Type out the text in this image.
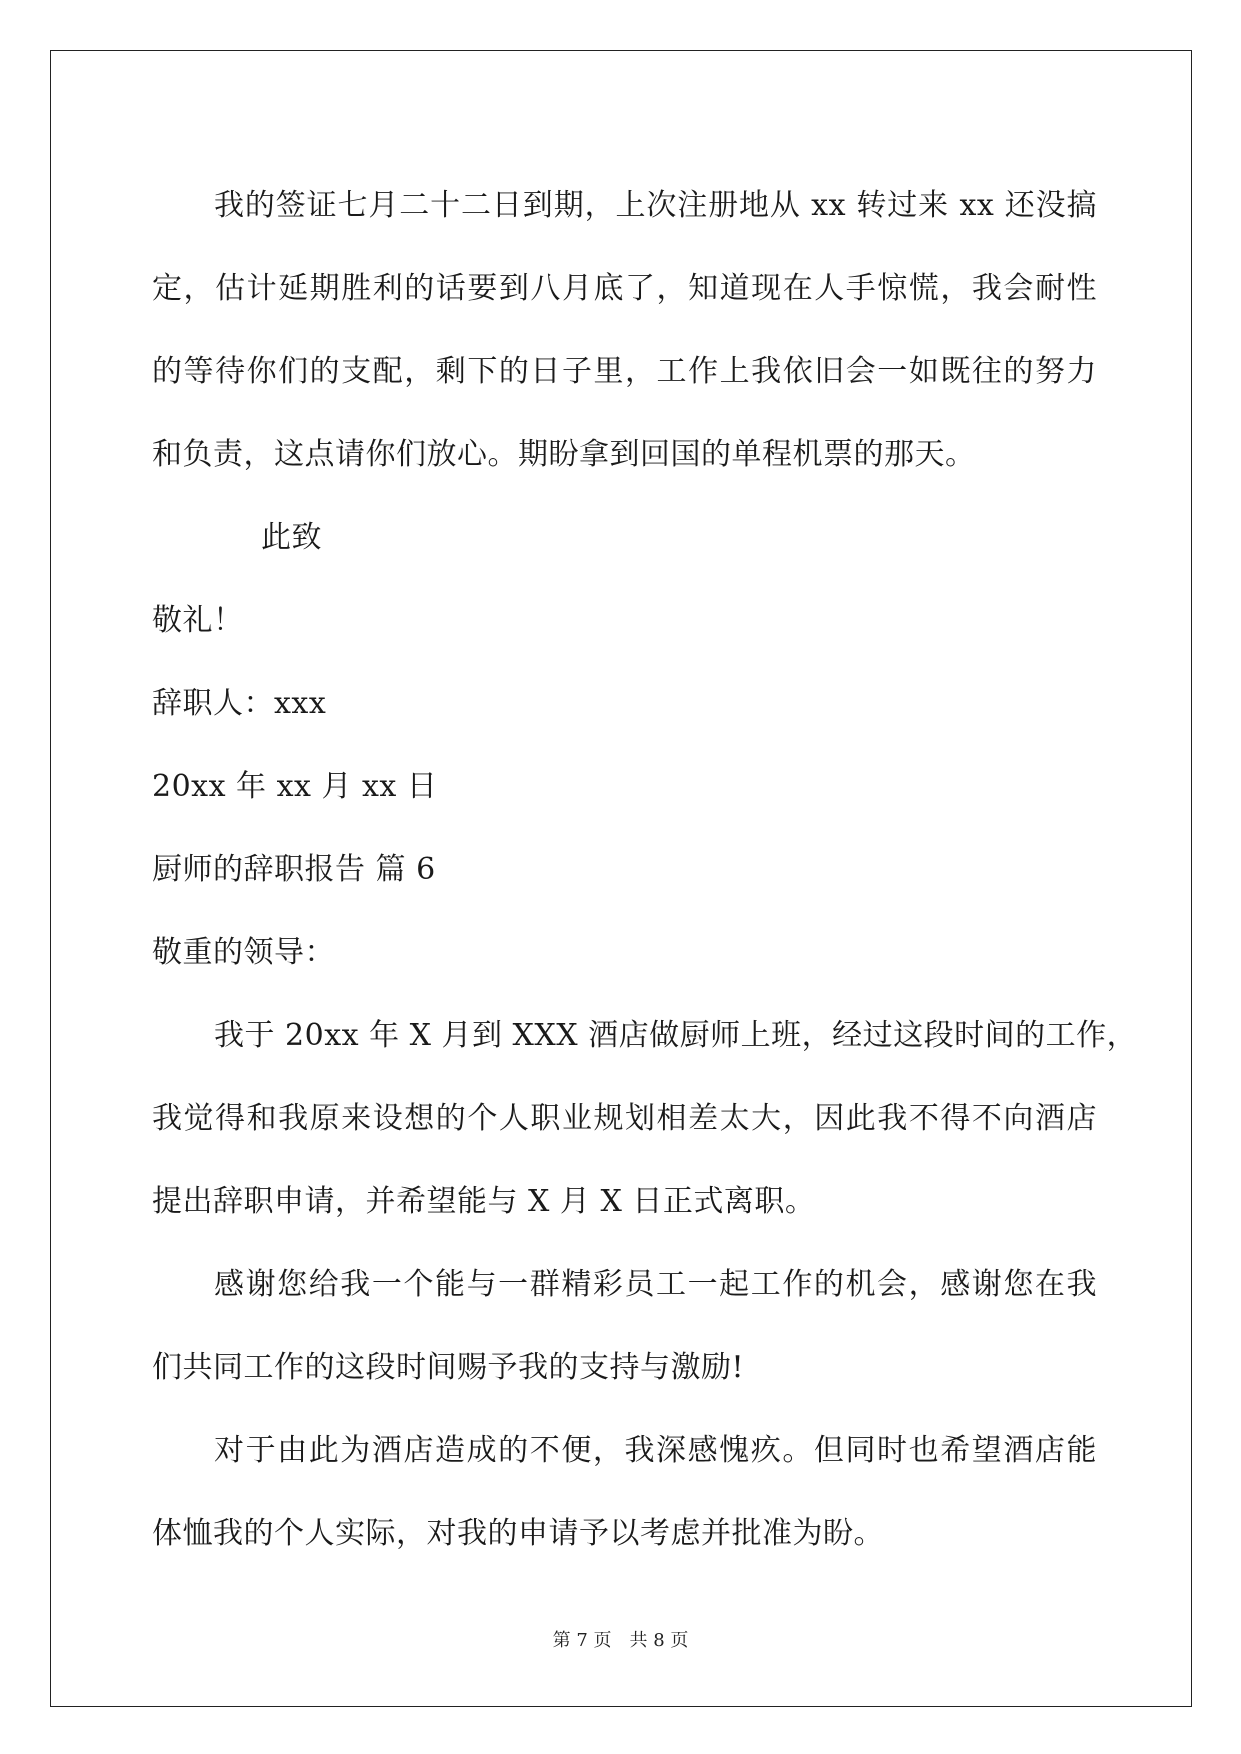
我的签证七月二十二日到期，上次注册地从 xx 转过来 xx 还没搞
定，估计延期胜利的话要到八月底了，知道现在人手惊慌，我会耐性
的等待你们的支配，剩下的日子里，工作上我依旧会一如既往的努力
和负责，这点请你们放心。期盼拿到回国的单程机票的那天。
此致
敬礼！
辞职人：xxx
20xx 年 xx 月 xx 日
厨师的辞职报告 篇 6
敬重的领导：
我于 20xx 年 X 月到 XXX 酒店做厨师上班，经过这段时间的工作，
我觉得和我原来设想的个人职业规划相差太大，因此我不得不向酒店
提出辞职申请，并希望能与 X 月 X 日正式离职。
感谢您给我一个能与一群精彩员工一起工作的机会，感谢您在我
们共同工作的这段时间赐予我的支持与激励!
对于由此为酒店造成的不便，我深感愧疚。但同时也希望酒店能
体恤我的个人实际，对我的申请予以考虑并批准为盼。
第 7 页 共 8 页
